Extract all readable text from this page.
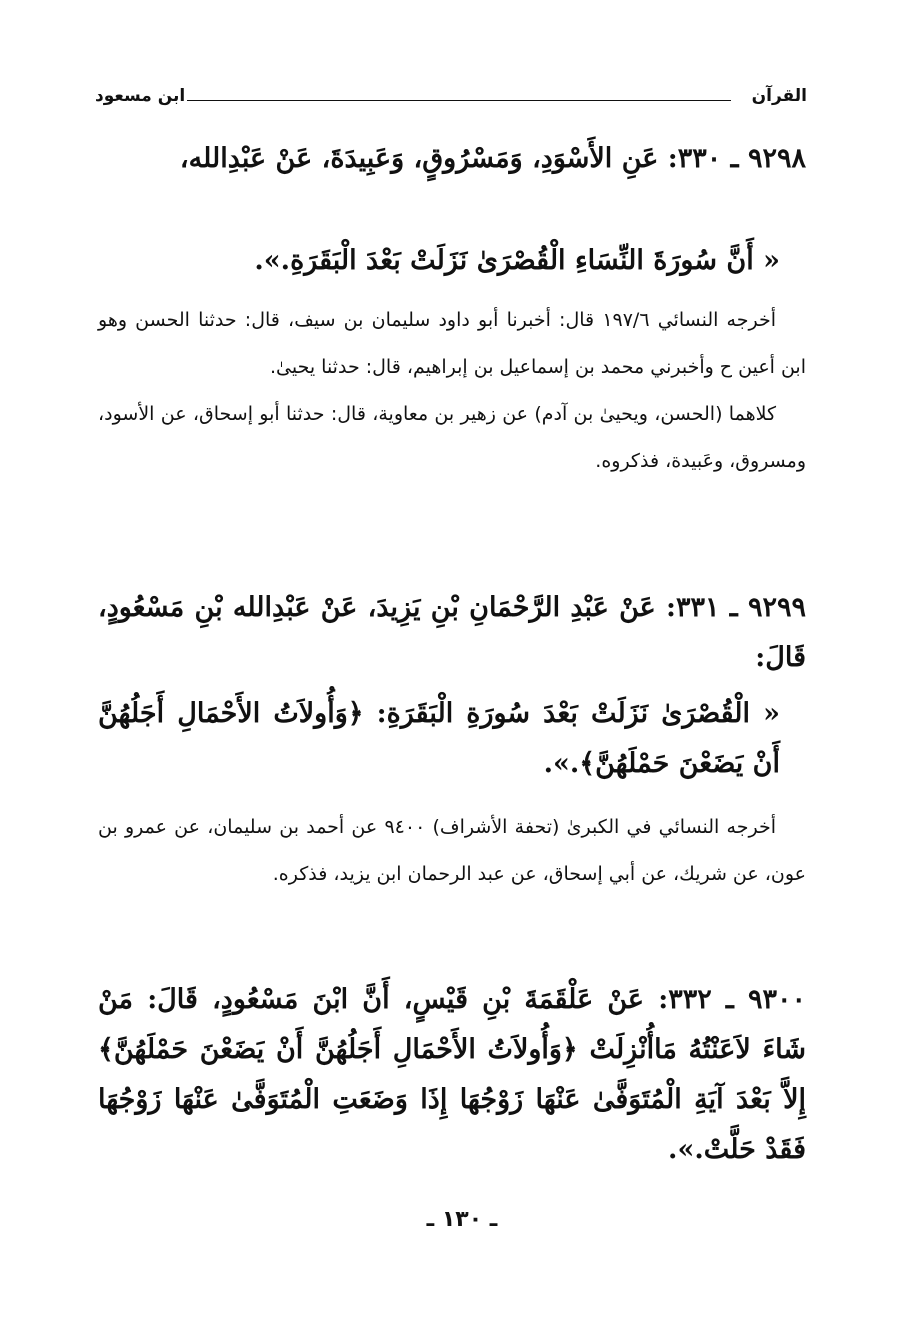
القرآن
ابن مسعود

٩٢٩٨ ـ ٣٣٠: عَنِ الأَسْوَدِ، وَمَسْرُوقٍ، وَعَبِيدَةَ، عَنْ عَبْدِالله،

« أَنَّ سُورَةَ النِّسَاءِ الْقُصْرَىٰ نَزَلَتْ بَعْدَ الْبَقَرَةِ.».

أخرجه النسائي ١٩٧/٦ قال: أخبرنا أبو داود سليمان بن سيف، قال: حدثنا الحسن وهو ابن أعين ح وأخبرني محمد بن إسماعيل بن إبراهيم، قال: حدثنا يحيىٰ.

كلاهما (الحسن، ويحيىٰ بن آدم) عن زهير بن معاوية، قال: حدثنا أبو إسحاق، عن الأسود، ومسروق، وعَبيدة، فذكروه.

٩٢٩٩ ـ ٣٣١: عَنْ عَبْدِ الرَّحْمَانِ بْنِ يَزِيدَ، عَنْ عَبْدِالله بْنِ مَسْعُودٍ، قَالَ:

« الْقُصْرَىٰ نَزَلَتْ بَعْدَ سُورَةِ الْبَقَرَةِ: ﴿وَأُولاَتُ الأَحْمَالِ أَجَلُهُنَّ أَنْ يَضَعْنَ حَمْلَهُنَّ﴾.».

أخرجه النسائي في الكبرىٰ (تحفة الأشراف) ٩٤٠٠ عن أحمد بن سليمان، عن عمرو بن عون، عن شريك، عن أبي إسحاق، عن عبد الرحمان ابن يزيد، فذكره.

٩٣٠٠ ـ ٣٣٢: عَنْ عَلْقَمَةَ بْنِ قَيْسٍ، أَنَّ ابْنَ مَسْعُودٍ، قَالَ: مَنْ شَاءَ لاَعَنْتُهُ مَاأُنْزِلَتْ ﴿وَأُولاَتُ الأَحْمَالِ أَجَلُهُنَّ أَنْ يَضَعْنَ حَمْلَهُنَّ﴾ إِلاَّ بَعْدَ آيَةِ الْمُتَوَفَّىٰ عَنْهَا زَوْجُهَا إِذَا وَضَعَتِ الْمُتَوَفَّىٰ عَنْهَا زَوْجُهَا فَقَدْ حَلَّتْ.».

ـ ١٣٠ ـ
